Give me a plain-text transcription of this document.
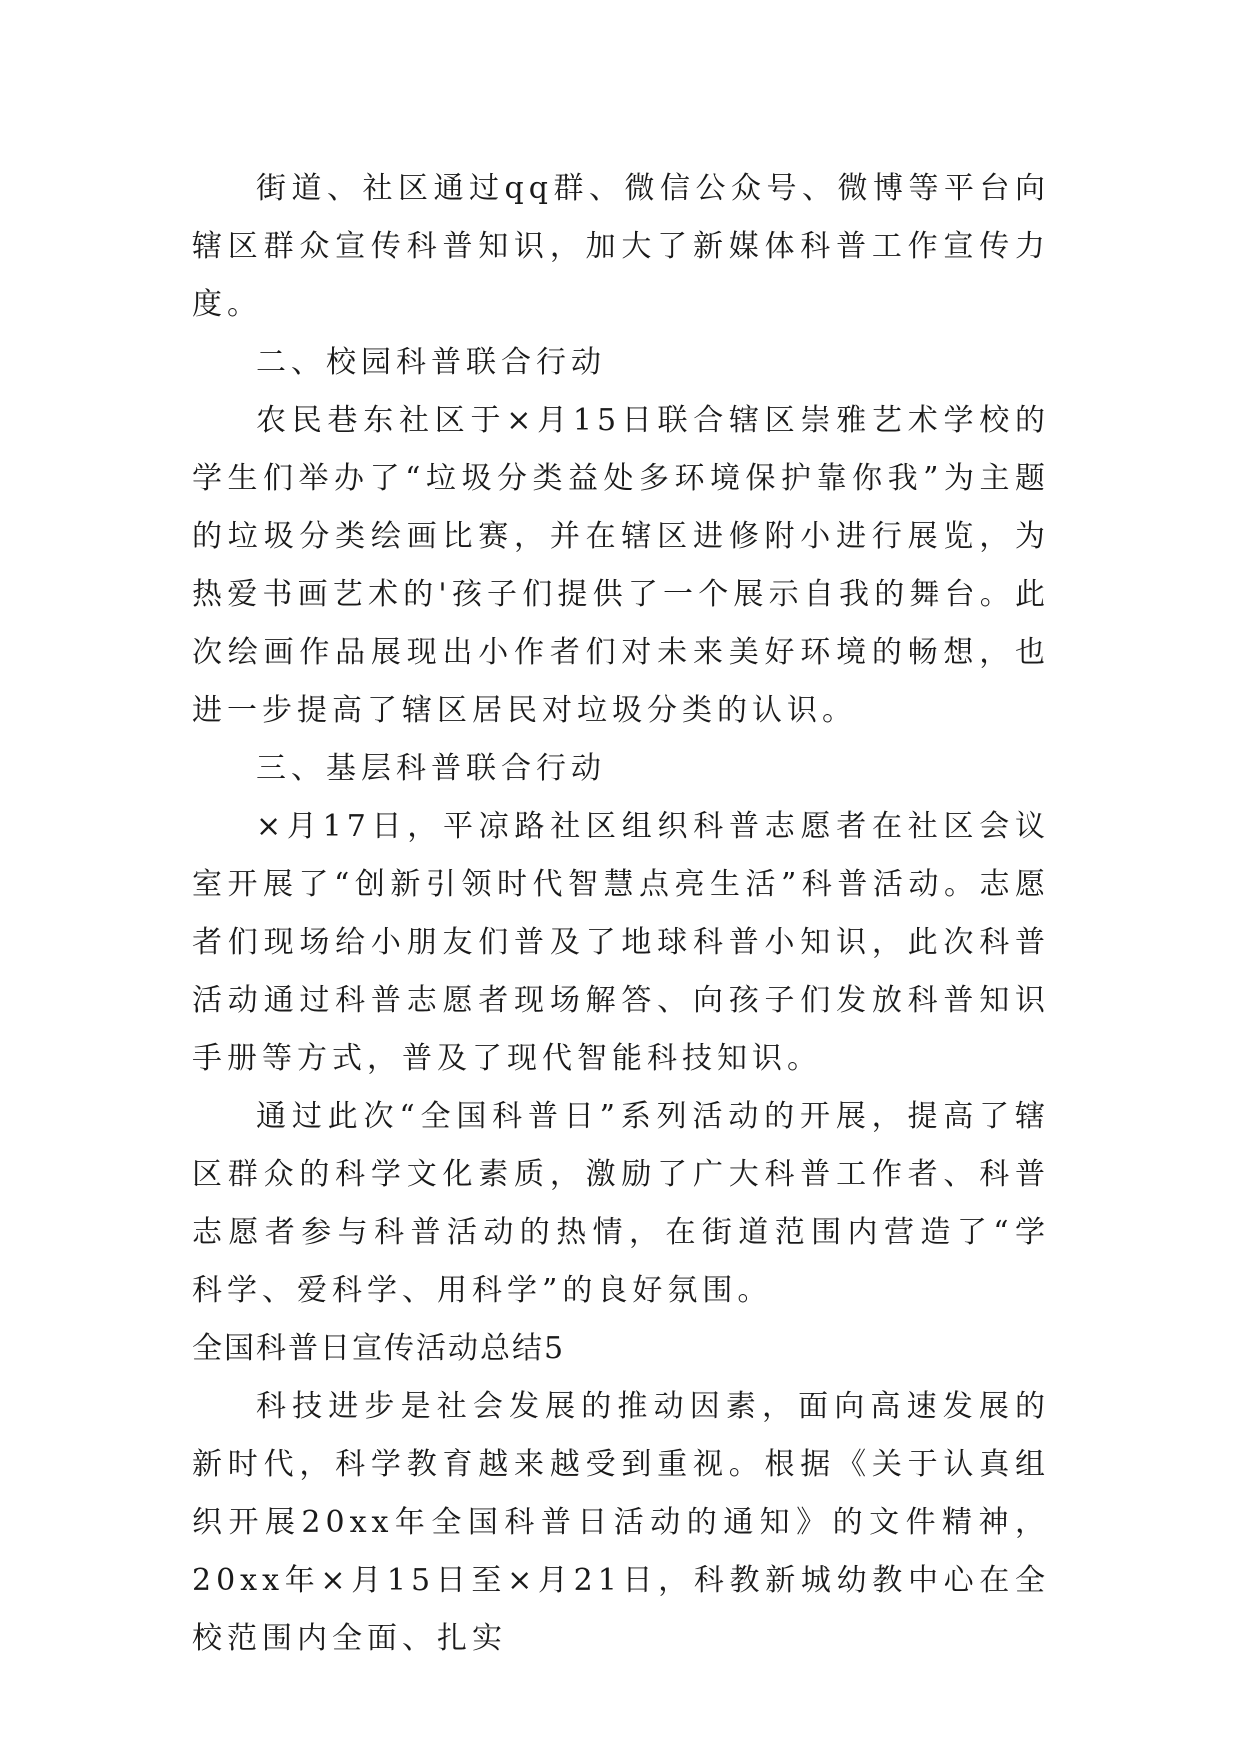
街道、社区通过qq群、微信公众号、微博等平台向辖区群众宣传科普知识，加大了新媒体科普工作宣传力度。

二、校园科普联合行动

农民巷东社区于×月15日联合辖区崇雅艺术学校的学生们举办了“垃圾分类益处多环境保护靠你我”为主题的垃圾分类绘画比赛，并在辖区进修附小进行展览，为热爱书画艺术的'孩子们提供了一个展示自我的舞台。此次绘画作品展现出小作者们对未来美好环境的畅想，也进一步提高了辖区居民对垃圾分类的认识。

三、基层科普联合行动

×月17日，平凉路社区组织科普志愿者在社区会议室开展了“创新引领时代智慧点亮生活”科普活动。志愿者们现场给小朋友们普及了地球科普小知识，此次科普活动通过科普志愿者现场解答、向孩子们发放科普知识手册等方式，普及了现代智能科技知识。

通过此次“全国科普日”系列活动的开展，提高了辖区群众的科学文化素质，激励了广大科普工作者、科普志愿者参与科普活动的热情，在街道范围内营造了“学科学、爱科学、用科学”的良好氛围。

全国科普日宣传活动总结5

科技进步是社会发展的推动因素，面向高速发展的新时代，科学教育越来越受到重视。根据《关于认真组织开展20xx年全国科普日活动的通知》的文件精神，20xx年×月15日至×月21日，科教新城幼教中心在全校范围内全面、扎实
